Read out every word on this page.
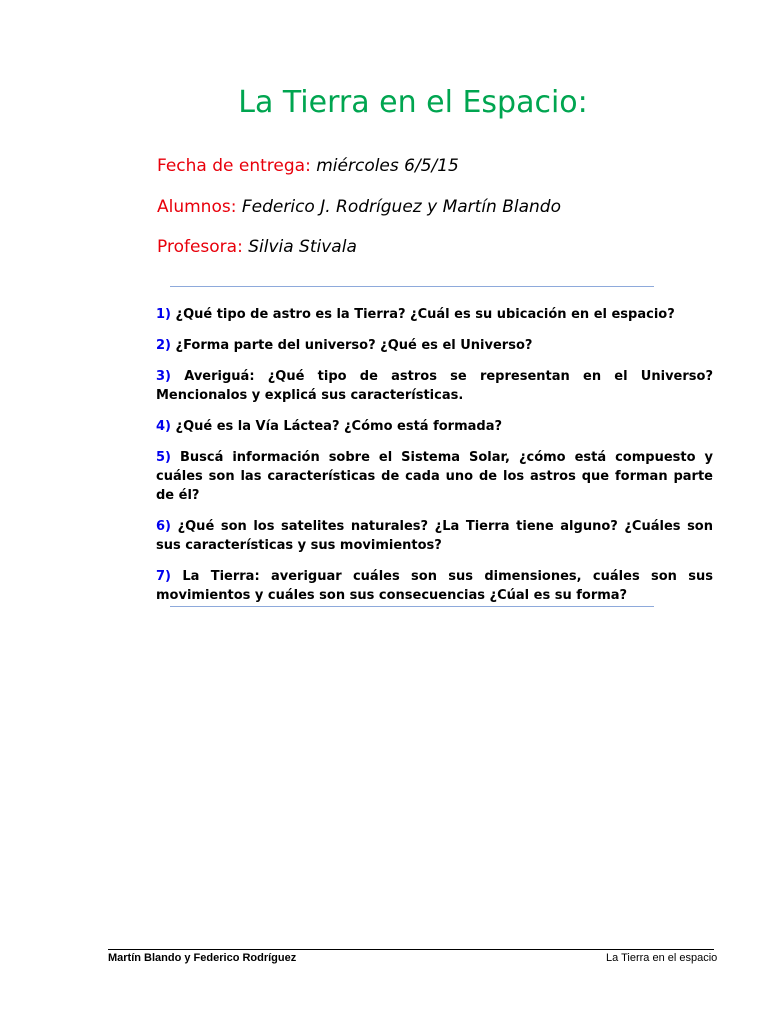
La Tierra en el Espacio:
Fecha de entrega: miércoles 6/5/15
Alumnos: Federico J. Rodríguez y Martín Blando
Profesora: Silvia Stivala

1) ¿Qué tipo de astro es la Tierra? ¿Cuál es su ubicación en el espacio?

2) ¿Forma parte del universo? ¿Qué es el Universo?

3) Averiguá: ¿Qué tipo de astros se representan en el Universo? Mencionalos y explicá sus características.

4) ¿Qué es la Vía Láctea? ¿Cómo está formada?

5) Buscá información sobre el Sistema Solar, ¿cómo está compuesto y cuáles son las características de cada uno de los astros que forman parte de él?

6) ¿Qué son los satelites naturales? ¿La Tierra tiene alguno? ¿Cuáles son sus características y sus movimientos?

7) La Tierra: averiguar cuáles son sus dimensiones, cuáles son sus movimientos y cuáles son sus consecuencias ¿Cúal es su forma?

Martín Blando y Federico Rodríguez	La Tierra en el espacio
